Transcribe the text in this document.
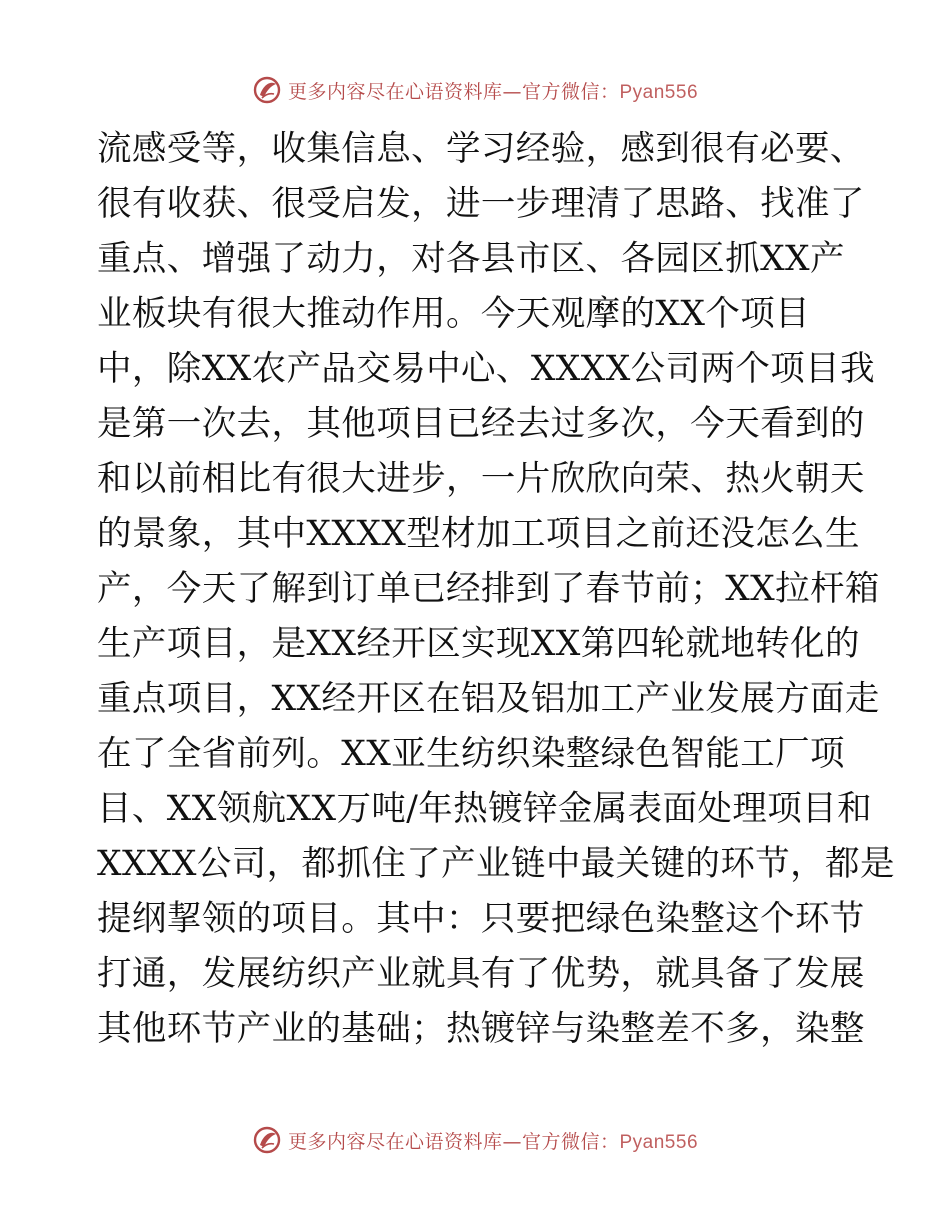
更多内容尽在心语资料库—官方微信：Pyan556
流感受等，收集信息、学习经验，感到很有必要、
很有收获、很受启发，进一步理清了思路、找准了
重点、增强了动力，对各县市区、各园区抓XX产
业板块有很大推动作用。今天观摩的XX个项目
中，除XX农产品交易中心、XXXX公司两个项目我
是第一次去，其他项目已经去过多次，今天看到的
和以前相比有很大进步，一片欣欣向荣、热火朝天
的景象，其中XXXX型材加工项目之前还没怎么生
产，今天了解到订单已经排到了春节前；XX拉杆箱
生产项目，是XX经开区实现XX第四轮就地转化的
重点项目，XX经开区在铝及铝加工产业发展方面走
在了全省前列。XX亚生纺织染整绿色智能工厂项
目、XX领航XX万吨/年热镀锌金属表面处理项目和
XXXX公司，都抓住了产业链中最关键的环节，都是
提纲挈领的项目。其中：只要把绿色染整这个环节
打通，发展纺织产业就具有了优势，就具备了发展
其他环节产业的基础；热镀锌与染整差不多，染整
更多内容尽在心语资料库—官方微信：Pyan556
